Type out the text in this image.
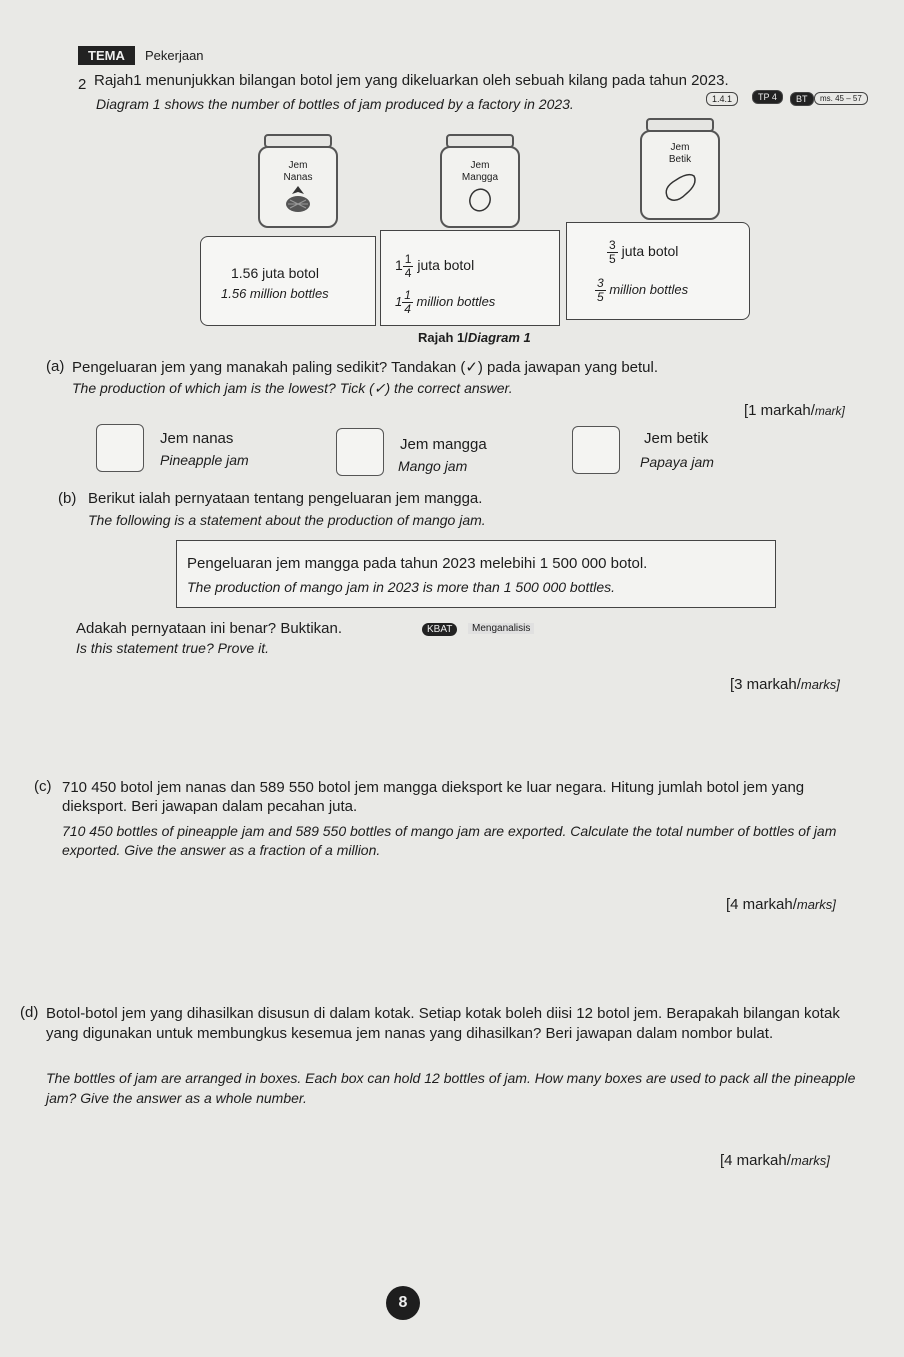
TEMA	Pekerjaan
2 Rajah1 menunjukkan bilangan botol jem yang dikeluarkan oleh sebuah kilang pada tahun 2023.
Diagram 1 shows the number of bottles of jam produced by a factory in 2023.	1.4.1	TP 4	BT	ms. 45 – 57
Jem
Nanas
Jem
Mangga
Jem
Betik
1.56 juta botol
1.56 million bottles
$1 \frac{1}{4}$ juta botol
$1 \frac{1}{4}$ million bottles
$\frac{3}{5}$ juta botol
$\frac{3}{5}$ million bottles
Rajah 1/Diagram 1
(a) Pengeluaran jem yang manakah paling sedikit? Tandakan (✓) pada jawapan yang betul.
The production of which jam is the lowest? Tick (✓) the correct answer.
[1 markah/mark]
Jem nanas
Pineapple jam
Jem mangga
Mango jam
Jem betik
Papaya jam
(b) Berikut ialah pernyataan tentang pengeluaran jem mangga.
The following is a statement about the production of mango jam.
Pengeluaran jem mangga pada tahun 2023 melebihi 1 500 000 botol.
The production of mango jam in 2023 is more than 1 500 000 bottles.
Adakah pernyataan ini benar? Buktikan.	KBAT	Menganalisis
Is this statement true? Prove it.
[3 markah/marks]
(c) 710 450 botol jem nanas dan 589 550 botol jem mangga dieksport ke luar negara. Hitung jumlah botol jem yang dieksport. Beri jawapan dalam pecahan juta.
710 450 bottles of pineapple jam and 589 550 bottles of mango jam are exported. Calculate the total number of bottles of jam exported. Give the answer as a fraction of a million.
[4 markah/marks]
(d) Botol-botol jem yang dihasilkan disusun di dalam kotak. Setiap kotak boleh diisi 12 botol jem. Berapakah bilangan kotak yang digunakan untuk membungkus kesemua jem nanas yang dihasilkan? Beri jawapan dalam nombor bulat.
The bottles of jam are arranged in boxes. Each box can hold 12 bottles of jam. How many boxes are used to pack all the pineapple jam? Give the answer as a whole number.
[4 markah/marks]
8
